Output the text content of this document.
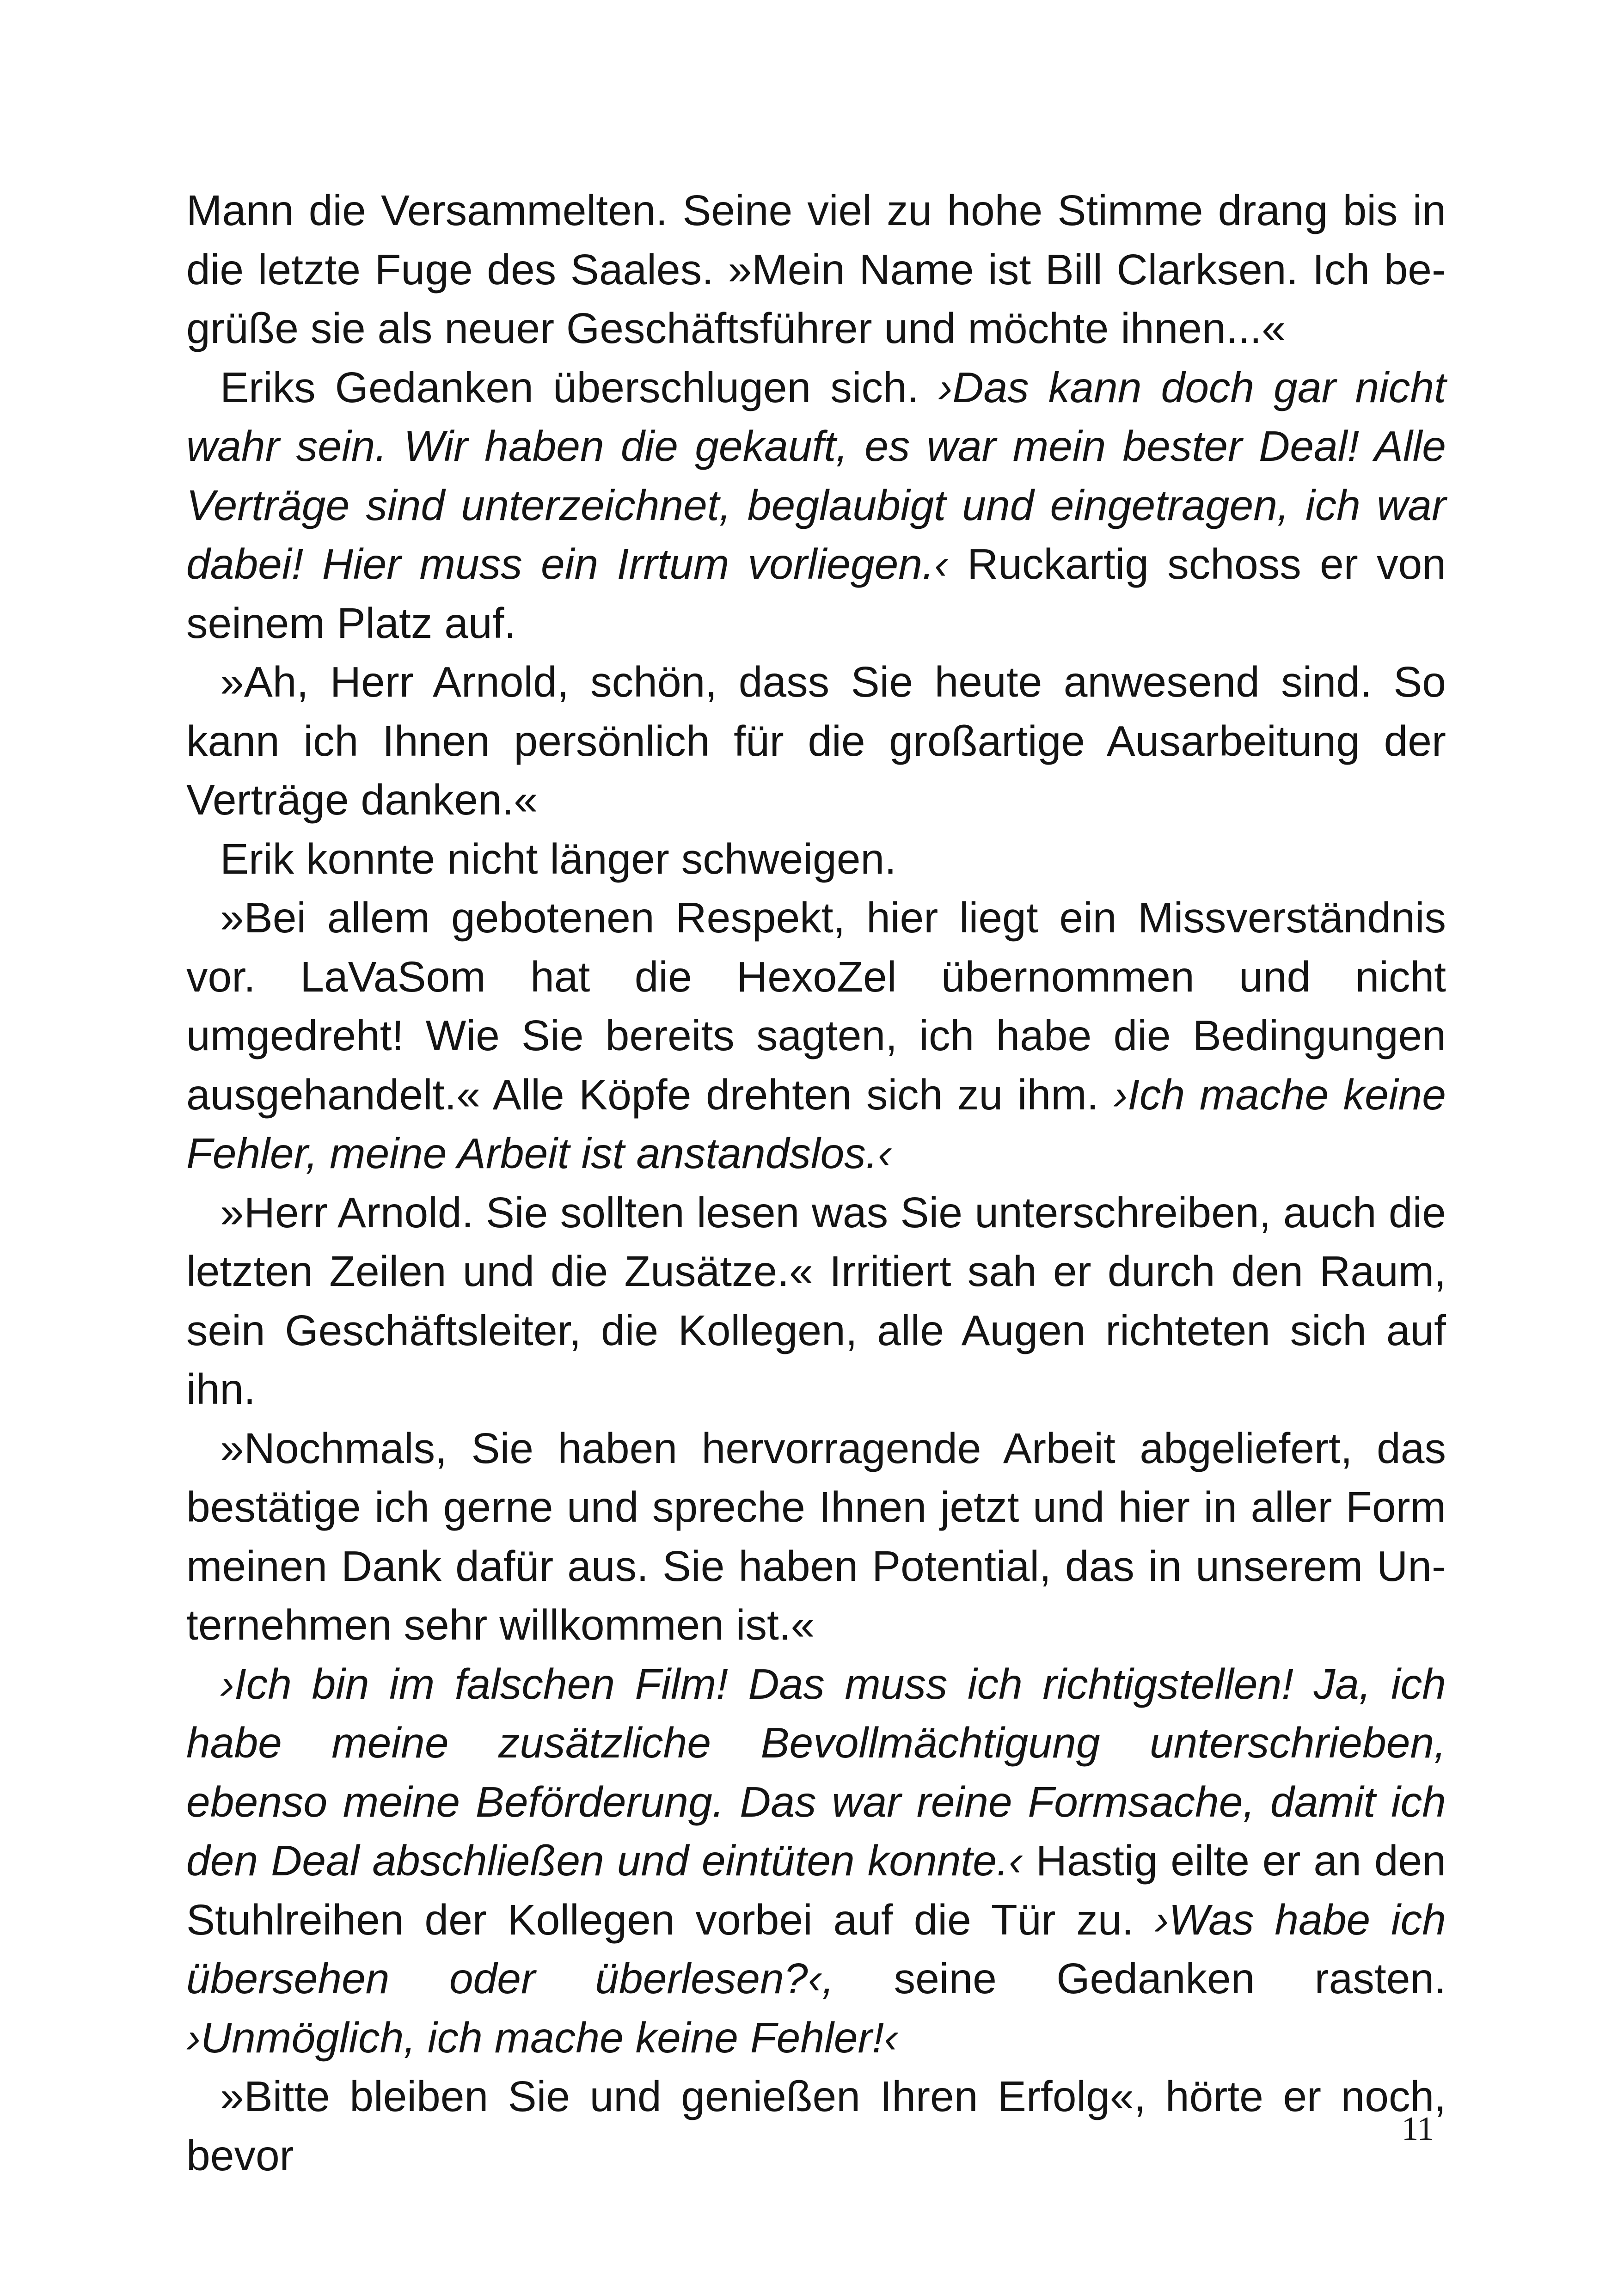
Mann die Versammelten. Seine viel zu hohe Stimme drang bis in die letzte Fuge des Saales. »Mein Name ist Bill Clarksen. Ich begrüße sie als neuer Geschäftsführer und möchte ihnen...«

Eriks Gedanken überschlugen sich. ›Das kann doch gar nicht wahr sein. Wir haben die gekauft, es war mein bester Deal! Alle Verträge sind unterzeichnet, beglaubigt und eingetragen, ich war dabei! Hier muss ein Irrtum vorliegen.‹ Ruckartig schoss er von seinem Platz auf.

»Ah, Herr Arnold, schön, dass Sie heute anwesend sind. So kann ich Ihnen persönlich für die großartige Ausarbeitung der Verträge danken.«

Erik konnte nicht länger schweigen.

»Bei allem gebotenen Respekt, hier liegt ein Missverständnis vor. LaVaSom hat die HexoZel übernommen und nicht umgedreht! Wie Sie bereits sagten, ich habe die Bedingungen ausgehandelt.« Alle Köpfe drehten sich zu ihm. ›Ich mache keine Fehler, meine Arbeit ist anstandslos.‹

»Herr Arnold. Sie sollten lesen was Sie unterschreiben, auch die letzten Zeilen und die Zusätze.« Irritiert sah er durch den Raum, sein Geschäftsleiter, die Kollegen, alle Augen richteten sich auf ihn.

»Nochmals, Sie haben hervorragende Arbeit abgeliefert, das bestätige ich gerne und spreche Ihnen jetzt und hier in aller Form meinen Dank dafür aus. Sie haben Potential, das in unserem Unternehmen sehr willkommen ist.«

›Ich bin im falschen Film! Das muss ich richtigstellen! Ja, ich habe meine zusätzliche Bevollmächtigung unterschrieben, ebenso meine Beförderung. Das war reine Formsache, damit ich den Deal abschließen und eintüten konnte.‹ Hastig eilte er an den Stuhlreihen der Kollegen vorbei auf die Tür zu. ›Was habe ich übersehen oder überlesen?‹, seine Gedanken rasten. ›Unmöglich, ich mache keine Fehler!‹

»Bitte bleiben Sie und genießen Ihren Erfolg«, hörte er noch, bevor

11
